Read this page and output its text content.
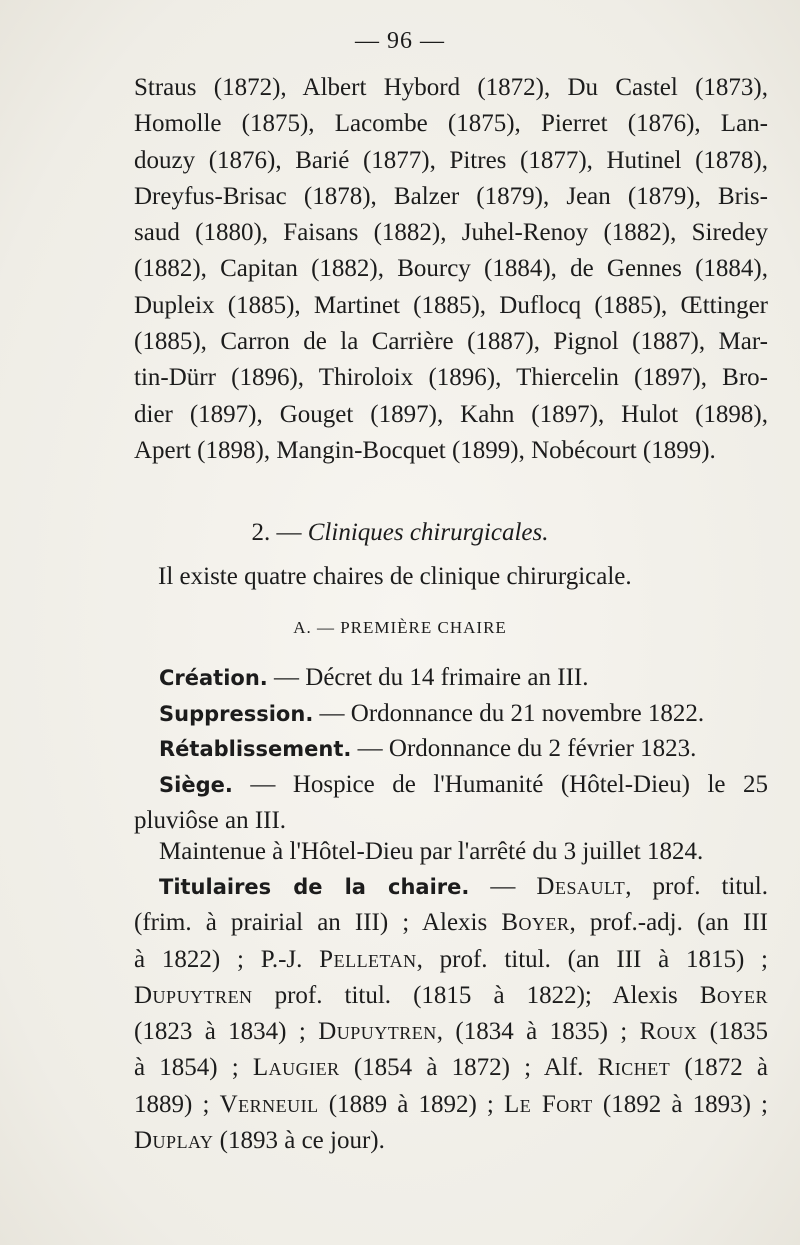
— 96 —
Straus (1872), Albert Hybord (1872), Du Castel (1873),
Homolle (1875), Lacombe (1875), Pierret (1876), Lan-
douzy (1876), Barié (1877), Pitres (1877), Hutinel (1878),
Dreyfus-Brisac (1878), Balzer (1879), Jean (1879), Bris-
saud (1880), Faisans (1882), Juhel-Renoy (1882), Siredey
(1882), Capitan (1882), Bourcy (1884), de Gennes (1884),
Dupleix (1885), Martinet (1885), Duflocq (1885), Œttinger
(1885), Carron de la Carrière (1887), Pignol (1887), Mar-
tin-Dürr (1896), Thiroloix (1896), Thiercelin (1897), Bro-
dier (1897), Gouget (1897), Kahn (1897), Hulot (1898),
Apert (1898), Mangin-Bocquet (1899), Nobécourt (1899).
2. — Cliniques chirurgicales.
Il existe quatre chaires de clinique chirurgicale.
A. — PREMIÈRE CHAIRE
Création. — Décret du 14 frimaire an III.
Suppression. — Ordonnance du 21 novembre 1822.
Rétablissement. — Ordonnance du 2 février 1823.
Siège. — Hospice de l'Humanité (Hôtel-Dieu) le 25
pluviôse an III.
Maintenue à l'Hôtel-Dieu par l'arrêté du 3 juillet 1824.
Titulaires de la chaire. — Desault, prof. titul.
(frim. à prairial an III) ; Alexis Boyer, prof.-adj. (an III
à 1822) ; P.-J. Pelletan, prof. titul. (an III à 1815) ;
Dupuytren prof. titul. (1815 à 1822); Alexis Boyer
(1823 à 1834) ; Dupuytren, (1834 à 1835) ; Roux (1835
à 1854) ; Laugier (1854 à 1872) ; Alf. Richet (1872 à
1889) ; Verneuil (1889 à 1892) ; Le Fort (1892 à 1893) ;
Duplay (1893 à ce jour).
